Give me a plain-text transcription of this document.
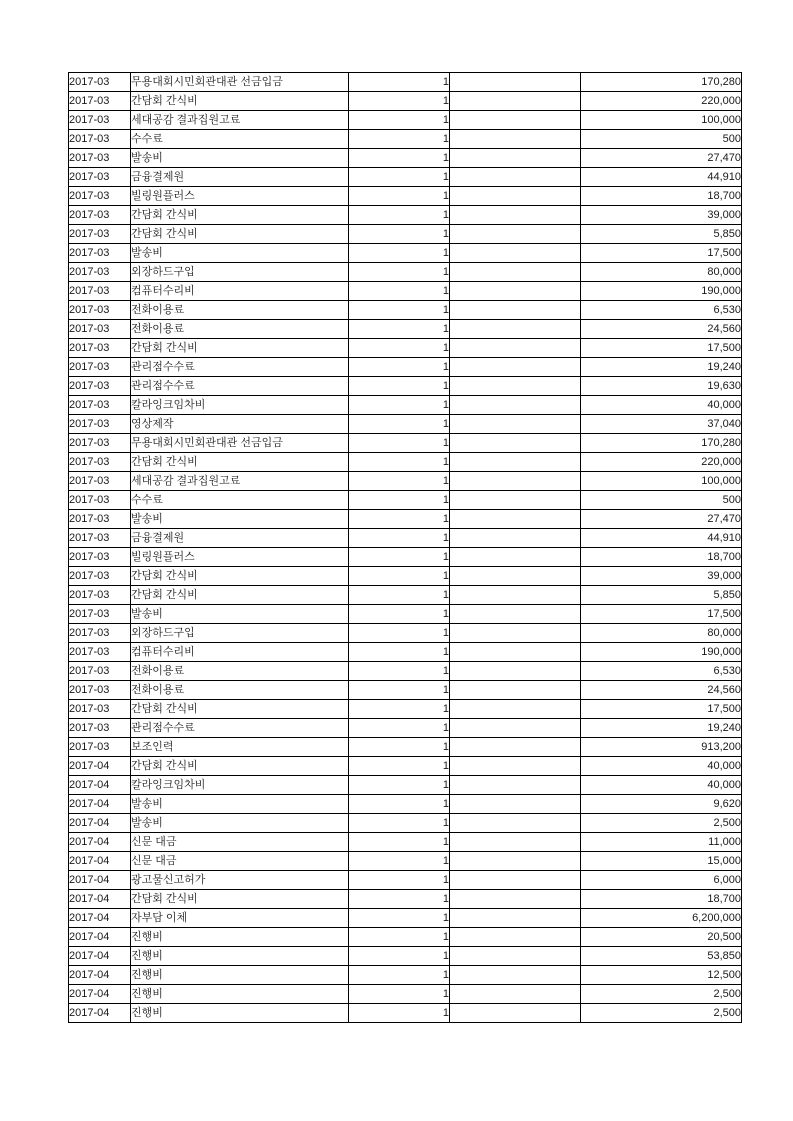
2017-03	무용대회시민회관대관 선금입금	1		170,280
2017-03	간담회 간식비	1		220,000
2017-03	세대공감 결과집원고료	1		100,000
2017-03	수수료	1		500
2017-03	발송비	1		27,470
2017-03	금융결제원	1		44,910
2017-03	빌링원플러스	1		18,700
2017-03	간담회 간식비	1		39,000
2017-03	간담회 간식비	1		5,850
2017-03	발송비	1		17,500
2017-03	외장하드구입	1		80,000
2017-03	컴퓨터수리비	1		190,000
2017-03	전화이용료	1		6,530
2017-03	전화이용료	1		24,560
2017-03	간담회 간식비	1		17,500
2017-03	관리점수수료	1		19,240
2017-03	관리점수수료	1		19,630
2017-03	칼라잉크임차비	1		40,000
2017-03	영상제작	1		37,040
2017-03	무용대회시민회관대관 선금입금	1		170,280
2017-03	간담회 간식비	1		220,000
2017-03	세대공감 결과집원고료	1		100,000
2017-03	수수료	1		500
2017-03	발송비	1		27,470
2017-03	금융결제원	1		44,910
2017-03	빌링원플러스	1		18,700
2017-03	간담회 간식비	1		39,000
2017-03	간담회 간식비	1		5,850
2017-03	발송비	1		17,500
2017-03	외장하드구입	1		80,000
2017-03	컴퓨터수리비	1		190,000
2017-03	전화이용료	1		6,530
2017-03	전화이용료	1		24,560
2017-03	간담회 간식비	1		17,500
2017-03	관리점수수료	1		19,240
2017-03	보조인력	1		913,200
2017-04	간담회 간식비	1		40,000
2017-04	칼라잉크임차비	1		40,000
2017-04	발송비	1		9,620
2017-04	발송비	1		2,500
2017-04	신문 대금	1		11,000
2017-04	신문 대금	1		15,000
2017-04	광고물신고허가	1		6,000
2017-04	간담회 간식비	1		18,700
2017-04	자부담 이체	1		6,200,000
2017-04	진행비	1		20,500
2017-04	진행비	1		53,850
2017-04	진행비	1		12,500
2017-04	진행비	1		2,500
2017-04	진행비	1		2,500
